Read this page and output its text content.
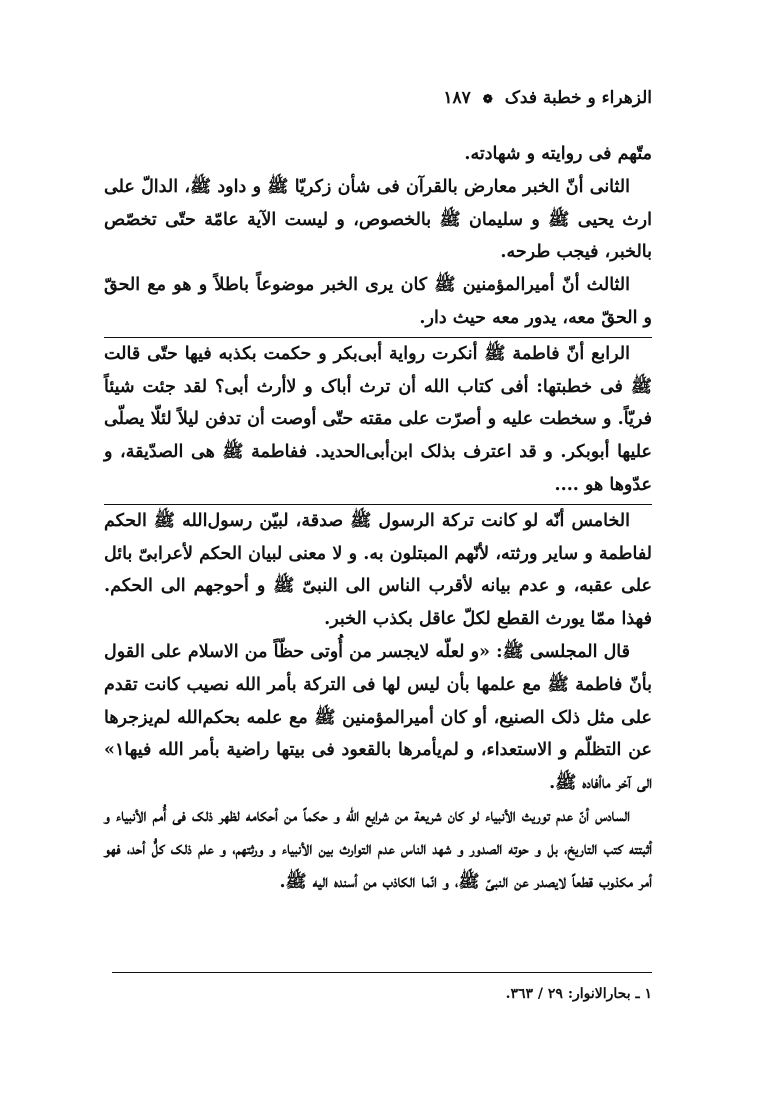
الزهراء و خطبة فدک ❁ ١٨٧

متّهم فی روایته و شهادته.

الثانی أنّ الخبر معارض بالقرآن فی شأن زکریّا ﷺ و داود ﷺ، الدالّ علی ارث یحیی ﷺ و سلیمان ﷺ بالخصوص، و لیست الآیة عامّة حتّی تخصّص بالخبر، فیجب طرحه.

الثالث أنّ أمیرالمؤمنین ﷺ کان یری الخبر موضوعاً باطلاً و هو مع الحقّ و الحقّ معه، یدور معه حیث دار.

الرابع أنّ فاطمة ﷺ أنکرت روایة أبی‌بکر و حکمت بکذبه فیها حتّی قالت ﷺ فی خطبتها: أفی کتاب الله أن ترث أباک و لاأرث أبی؟ لقد جئت شیئاً فریّاً. و سخطت علیه و أصرّت علی مقته حتّی أوصت أن تدفن لیلاً لئلّا یصلّی علیها أبوبکر. و قد اعترف بذلک ابن‌أبی‌الحدید. ففاطمة ﷺ هی الصدّیقة، و عدّوها هو ....

الخامس أنّه لو کانت ترکة الرسول ﷺ صدقة، لبیّن رسول‌الله ﷺ الحکم لفاطمة و سایر ورثته، لأنّهم المبتلون به. و لا معنی لبیان الحکم لأعرابیّ بائل علی عقبه، و عدم بیانه لأقرب الناس الی النبیّ ﷺ و أحوجهم الی الحکم. فهذا ممّا یورث القطع لکلّ عاقل بکذب الخبر.

قال المجلسی ﷺ: «و لعلّه لایجسر من أُوتی حظّاً من الاسلام علی القول بأنّ فاطمة ﷺ مع علمها بأن لیس لها فی الترکة بأمر الله نصیب کانت تقدم علی مثل ذلک الصنیع، أو کان أمیرالمؤمنین ﷺ مع علمه بحکم‌الله لم‌یزجرها عن التظلّم و الاستعداء، و لم‌یأمرها بالقعود فی بیتها راضیة بأمر الله فیها١» الی آخر ماأفاده ﷺ.

السادس أنّ عدم توریث الأنبیاء لو کان شریعة من شرایع الله و حکماً من أحکامه لظهر ذلک فی أُمم الأنبیاء و أثبتته کتب التاریخ، بل و حوته الصدور و شهد الناس عدم التوارث بین الأنبیاء و ورثتهم، و علم ذلک کلُّ أحد، فهو أمر مکذوب قطعاً لایصدر عن النبیّ ﷺ، و انّما الکاذب من أسنده الیه ﷺ.

١ ـ بحارالانوار: ٢٩ / ٣٦٣.
